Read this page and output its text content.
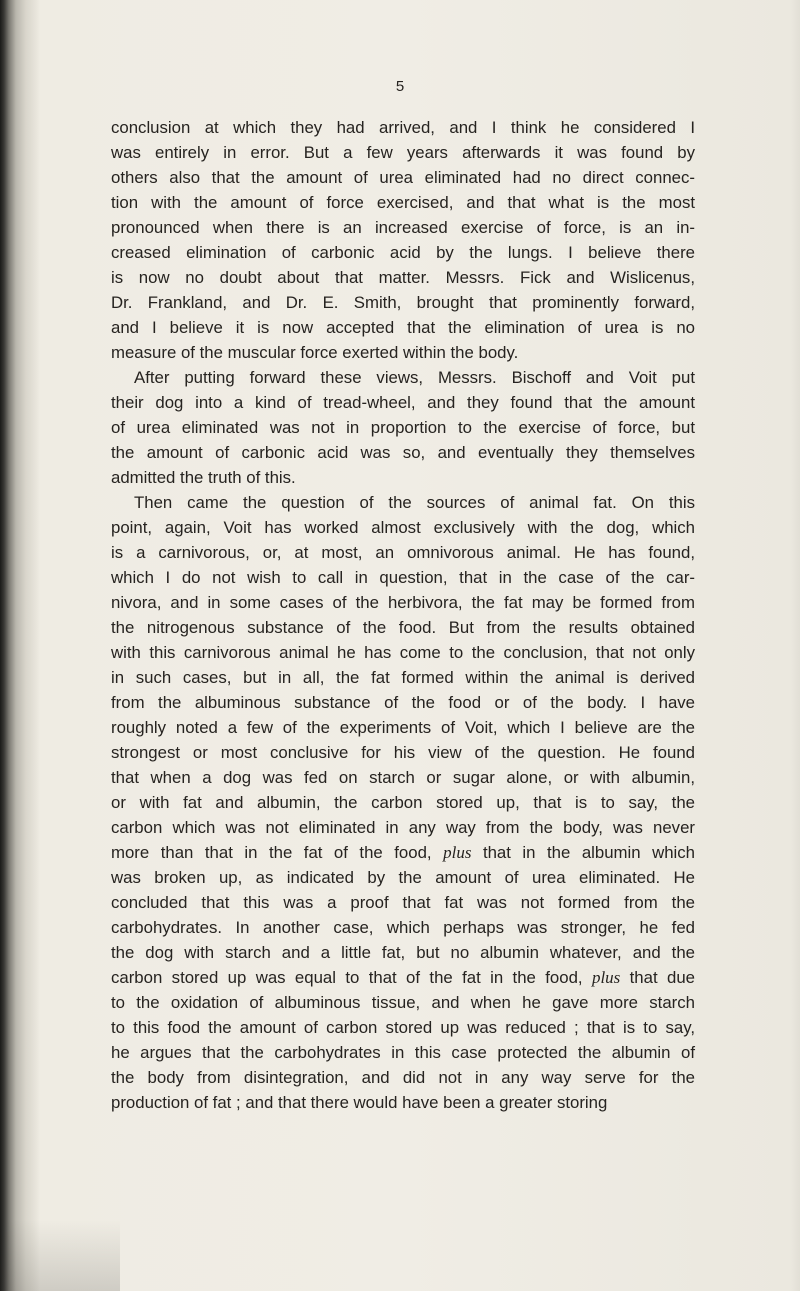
5
conclusion at which they had arrived, and I think he considered I
was entirely in error. But a few years afterwards it was found by
others also that the amount of urea eliminated had no direct connec-
tion with the amount of force exercised, and that what is the most
pronounced when there is an increased exercise of force, is an in-
creased elimination of carbonic acid by the lungs. I believe there
is now no doubt about that matter. Messrs. Fick and Wislicenus,
Dr. Frankland, and Dr. E. Smith, brought that prominently forward,
and I believe it is now accepted that the elimination of urea is no
measure of the muscular force exerted within the body.
After putting forward these views, Messrs. Bischoff and Voit put
their dog into a kind of tread-wheel, and they found that the amount
of urea eliminated was not in proportion to the exercise of force, but
the amount of carbonic acid was so, and eventually they themselves
admitted the truth of this.
Then came the question of the sources of animal fat. On this
point, again, Voit has worked almost exclusively with the dog, which
is a carnivorous, or, at most, an omnivorous animal. He has found,
which I do not wish to call in question, that in the case of the car-
nivora, and in some cases of the herbivora, the fat may be formed from
the nitrogenous substance of the food. But from the results obtained
with this carnivorous animal he has come to the conclusion, that not only
in such cases, but in all, the fat formed within the animal is derived
from the albuminous substance of the food or of the body. I have
roughly noted a few of the experiments of Voit, which I believe are the
strongest or most conclusive for his view of the question. He found
that when a dog was fed on starch or sugar alone, or with albumin,
or with fat and albumin, the carbon stored up, that is to say, the
carbon which was not eliminated in any way from the body, was never
more than that in the fat of the food, plus that in the albumin which
was broken up, as indicated by the amount of urea eliminated. He
concluded that this was a proof that fat was not formed from the
carbohydrates. In another case, which perhaps was stronger, he fed
the dog with starch and a little fat, but no albumin whatever, and the
carbon stored up was equal to that of the fat in the food, plus that due
to the oxidation of albuminous tissue, and when he gave more starch
to this food the amount of carbon stored up was reduced ; that is to say,
he argues that the carbohydrates in this case protected the albumin of
the body from disintegration, and did not in any way serve for the
production of fat ; and that there would have been a greater storing
